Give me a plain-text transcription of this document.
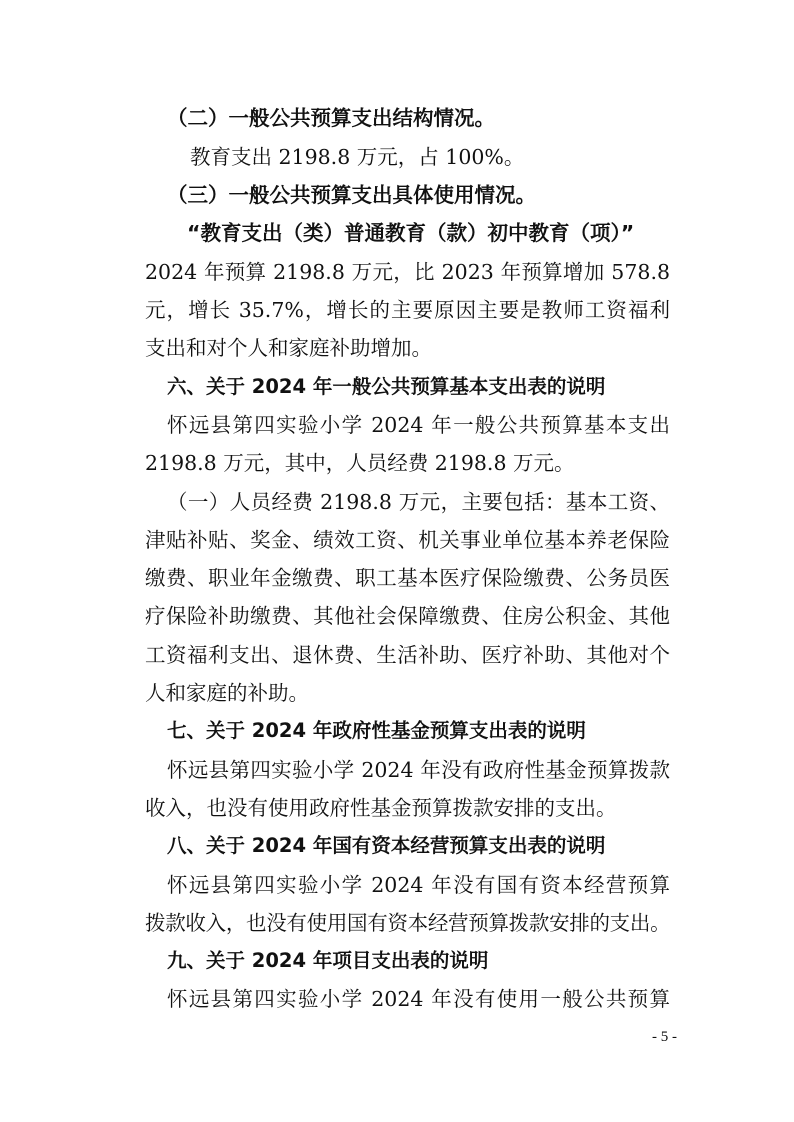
（二）一般公共预算支出结构情况。
教育支出 2198.8 万元，占 100%。
（三）一般公共预算支出具体使用情况。
“教育支出（类）普通教育（款）初中教育（项）”
2024 年预算 2198.8 万元，比 2023 年预算增加 578.8
元，增长 35.7%，增长的主要原因主要是教师工资福利
支出和对个人和家庭补助增加。
六、关于 2024 年一般公共预算基本支出表的说明
怀远县第四实验小学 2024 年一般公共预算基本支出
2198.8 万元，其中，人员经费 2198.8 万元。
（一）人员经费 2198.8 万元，主要包括：基本工资、
津贴补贴、奖金、绩效工资、机关事业单位基本养老保险
缴费、职业年金缴费、职工基本医疗保险缴费、公务员医
疗保险补助缴费、其他社会保障缴费、住房公积金、其他
工资福利支出、退休费、生活补助、医疗补助、其他对个
人和家庭的补助。
七、关于 2024 年政府性基金预算支出表的说明
怀远县第四实验小学 2024 年没有政府性基金预算拨款
收入，也没有使用政府性基金预算拨款安排的支出。
八、关于 2024 年国有资本经营预算支出表的说明
怀远县第四实验小学 2024 年没有国有资本经营预算
拨款收入，也没有使用国有资本经营预算拨款安排的支出。
九、关于 2024 年项目支出表的说明
怀远县第四实验小学 2024 年没有使用一般公共预算
- 5 -
